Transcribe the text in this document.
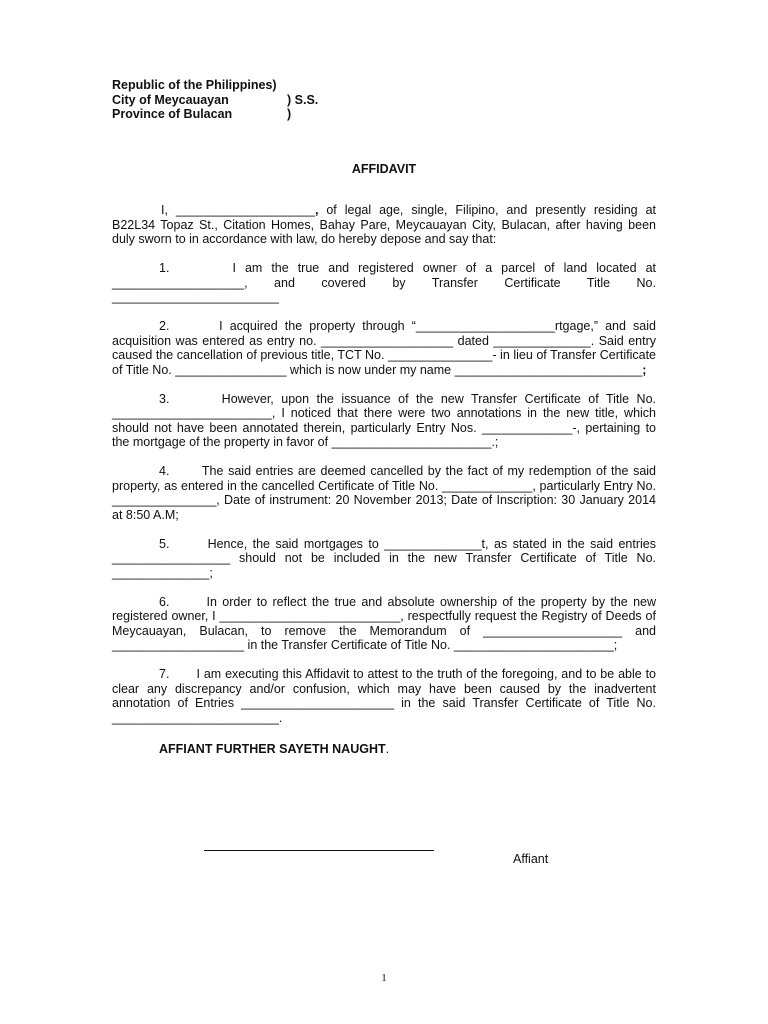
Republic of the Philippines)
City of Meycauayan	) S.S.
Province of Bulacan	)
AFFIDAVIT

I, ____________________, of legal age, single, Filipino, and presently residing at B22L34 Topaz St., Citation Homes, Bahay Pare, Meycauayan City, Bulacan, after having been duly sworn to in accordance with law, do hereby depose and say that:

1.	I am the true and registered owner of a parcel of land located at ___________________, and covered by Transfer Certificate Title No. ________________________

2.	I acquired the property through “____________________rtgage,” and said acquisition was entered as entry no. ___________________ dated ______________. Said entry caused the cancellation of previous title, TCT No. _______________- in lieu of Transfer Certificate of Title No. ________________ which is now under my name ___________________________;

3.	However, upon the issuance of the new Transfer Certificate of Title No. _______________________, I noticed that there were two annotations in the new title, which should not have been annotated therein, particularly Entry Nos. _____________-, pertaining to the mortgage of the property in favor of _______________________.;

4.	The said entries are deemed cancelled by the fact of my redemption of the said property, as entered in the cancelled Certificate of Title No. _____________, particularly Entry No. _______________, Date of instrument: 20 November 2013; Date of Inscription: 30 January 2014 at 8:50 A.M;

5.	Hence, the said mortgages to ______________t, as stated in the said entries _________________ should not be included in the new Transfer Certificate of Title No. ______________;

6.	In order to reflect the true and absolute ownership of the property by the new registered owner, I __________________________, respectfully request the Registry of Deeds of Meycauayan, Bulacan, to remove the Memorandum of ____________________ and ___________________ in the Transfer Certificate of Title No. _______________________;

7. I am executing this Affidavit to attest to the truth of the foregoing, and to be able to clear any discrepancy and/or confusion, which may have been caused by the inadvertent annotation of Entries ______________________ in the said Transfer Certificate of Title No. ________________________.

AFFIANT FURTHER SAYETH NAUGHT.
Affiant
1
